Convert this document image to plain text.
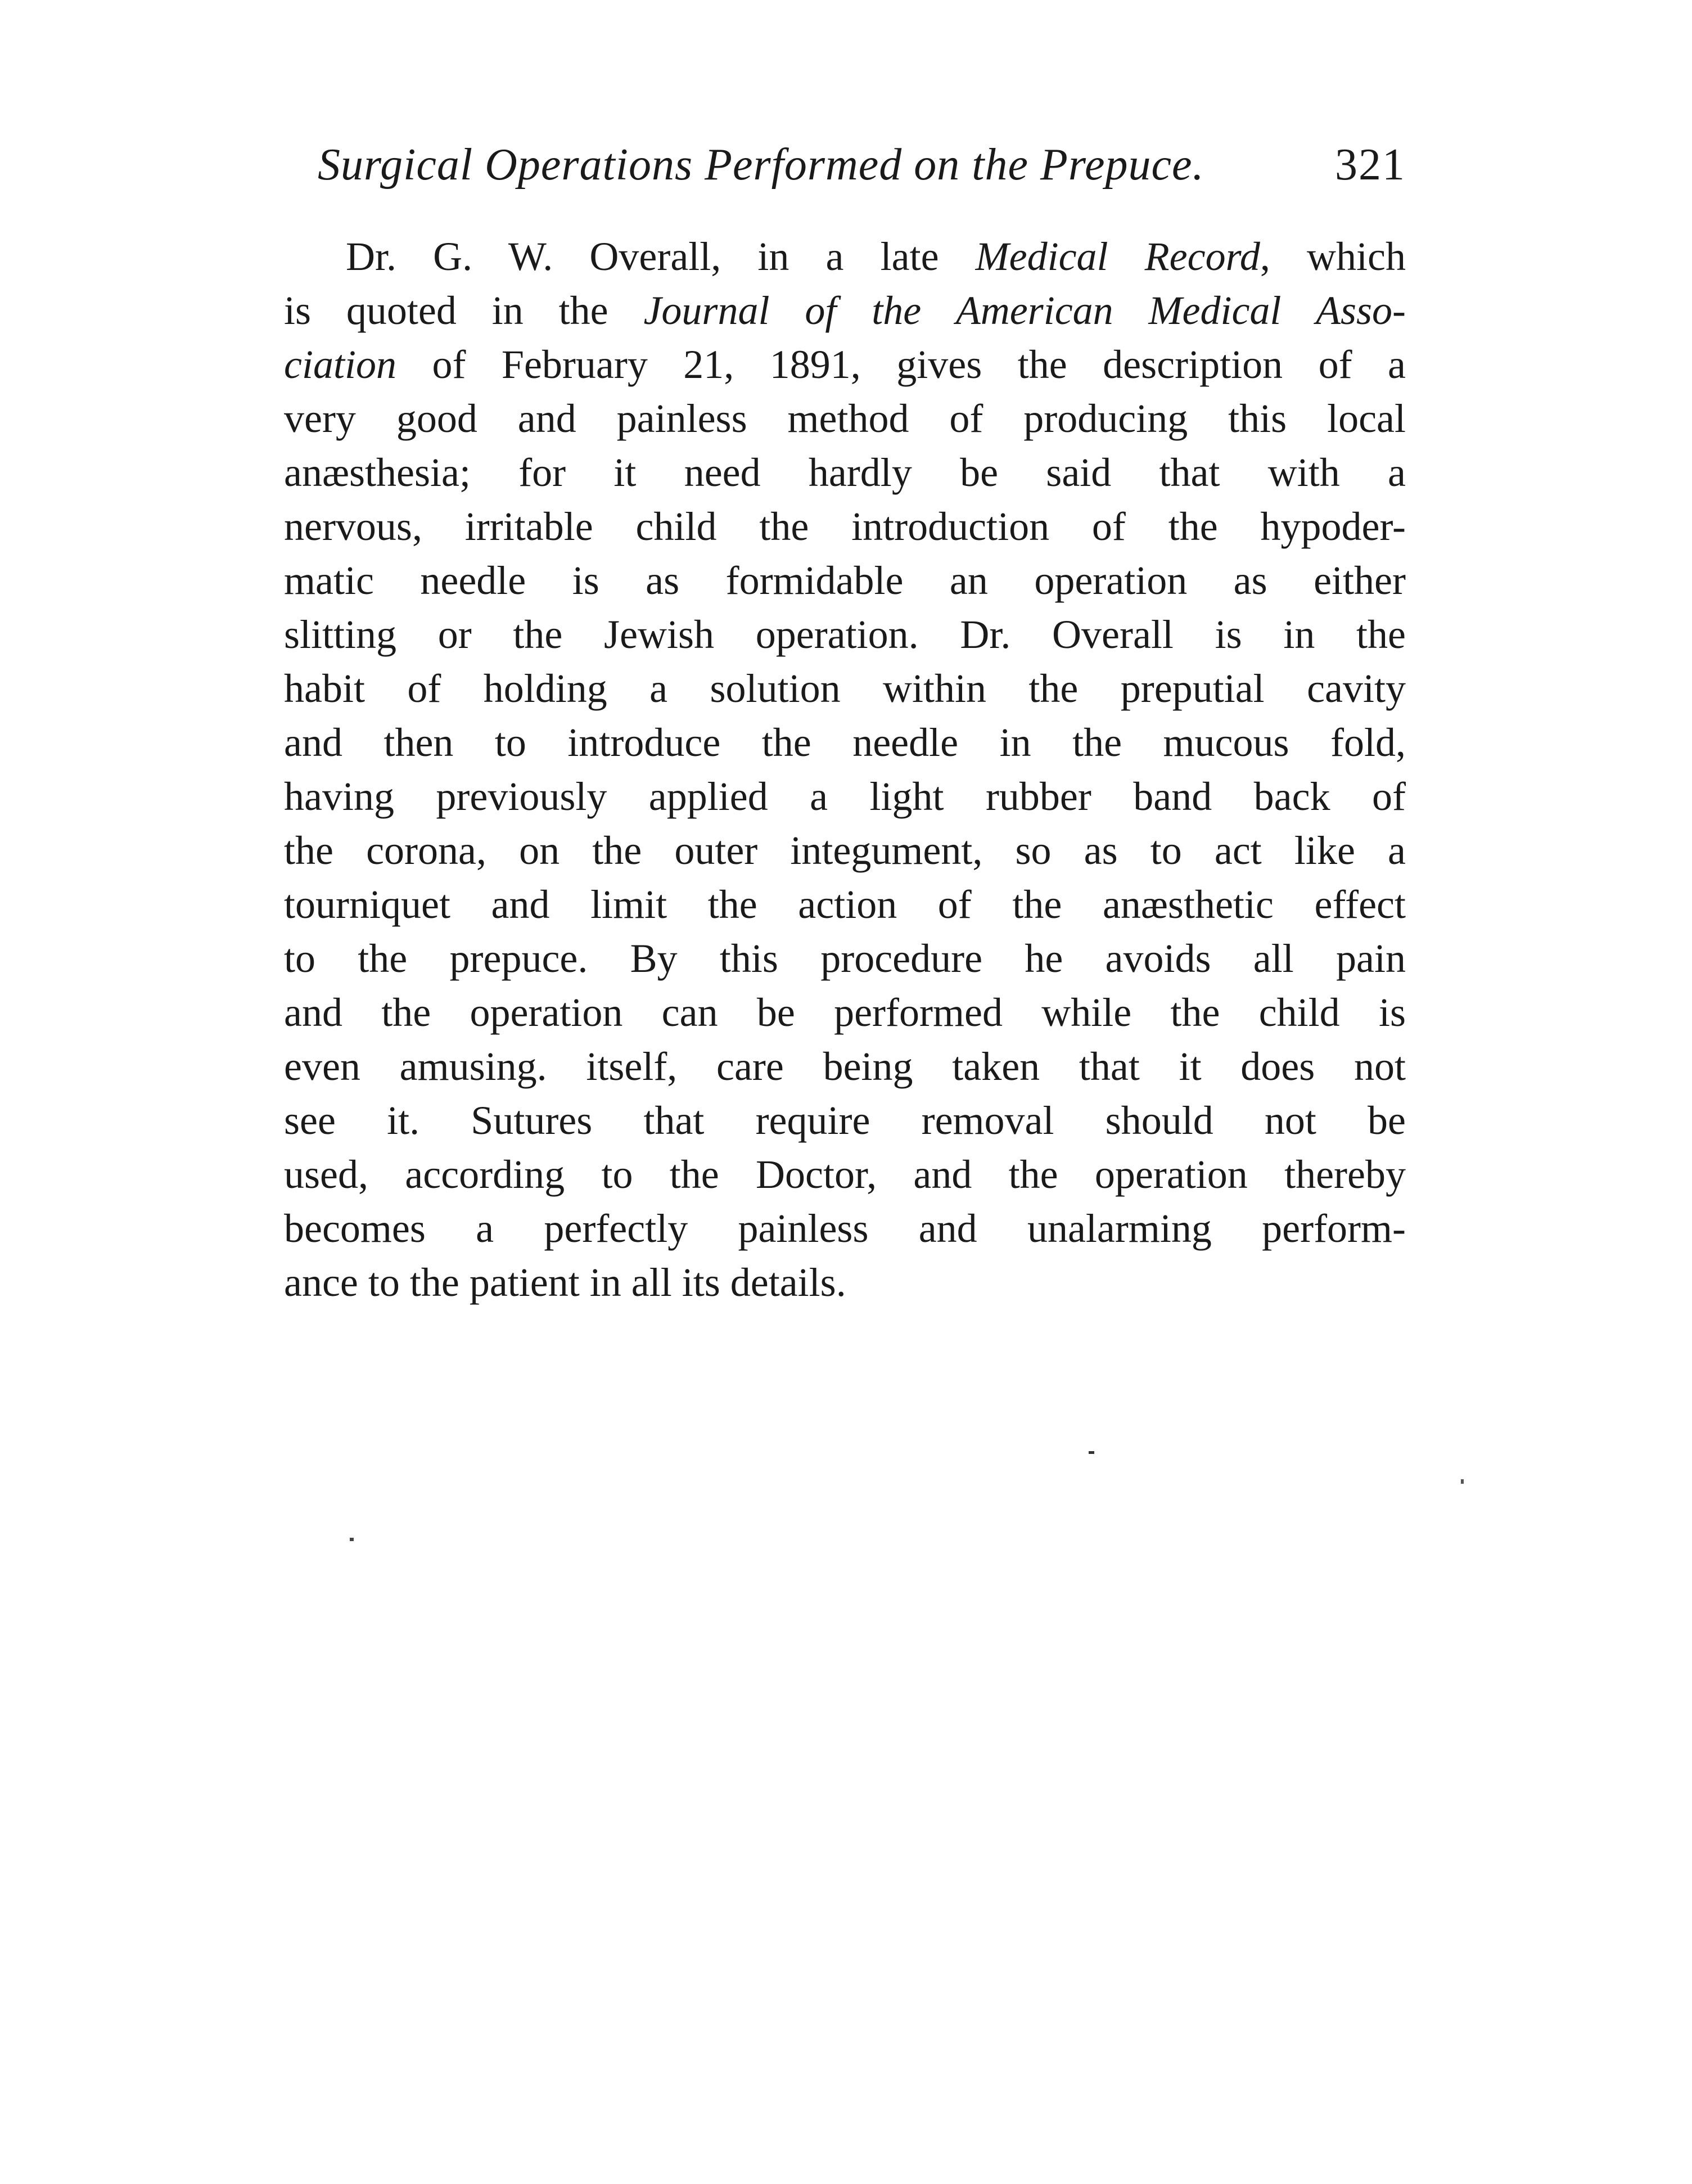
Surgical Operations Performed on the Prepuce.	321
Dr. G. W. Overall, in a late Medical Record, which
is quoted in the Journal of the American Medical Asso-
ciation of February 21, 1891, gives the description of a
very good and painless method of producing this local
anæsthesia; for it need hardly be said that with a
nervous, irritable child the introduction of the hypoder-
matic needle is as formidable an operation as either
slitting or the Jewish operation. Dr. Overall is in the
habit of holding a solution within the preputial cavity
and then to introduce the needle in the mucous fold,
having previously applied a light rubber band back of
the corona, on the outer integument, so as to act like a
tourniquet and limit the action of the anæsthetic effect
to the prepuce. By this procedure he avoids all pain
and the operation can be performed while the child is
even amusing. itself, care being taken that it does not
see it. Sutures that require removal should not be
used, according to the Doctor, and the operation thereby
becomes a perfectly painless and unalarming perform-
ance to the patient in all its details.
